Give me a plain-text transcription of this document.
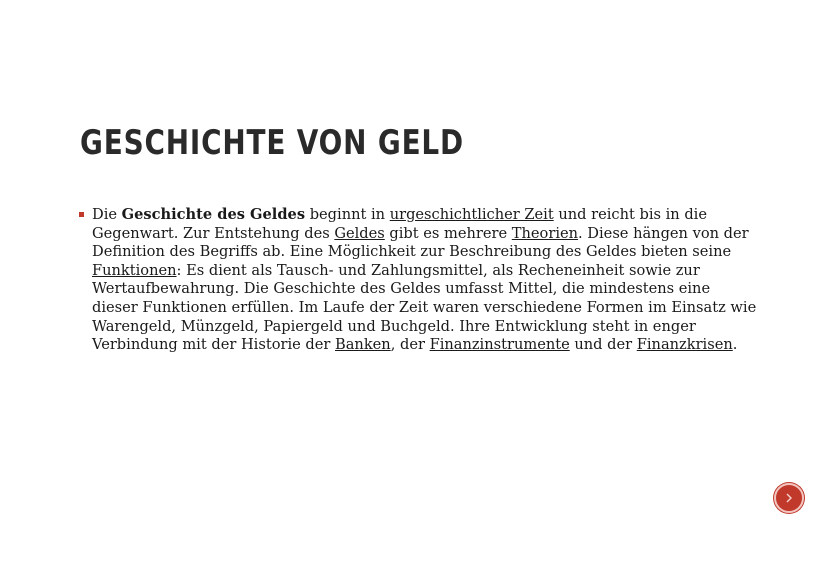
GESCHICHTE VON GELD

Die Geschichte des Geldes beginnt in urgeschichtlicher Zeit und reicht bis in die Gegenwart. Zur Entstehung des Geldes gibt es mehrere Theorien. Diese hängen von der Definition des Begriffs ab. Eine Möglichkeit zur Beschreibung des Geldes bieten seine Funktionen: Es dient als Tausch- und Zahlungsmittel, als Recheneinheit sowie zur Wertaufbewahrung. Die Geschichte des Geldes umfasst Mittel, die mindestens eine dieser Funktionen erfüllen. Im Laufe der Zeit waren verschiedene Formen im Einsatz wie Warengeld, Münzgeld, Papiergeld und Buchgeld. Ihre Entwicklung steht in enger Verbindung mit der Historie der Banken, der Finanzinstrumente und der Finanzkrisen.
